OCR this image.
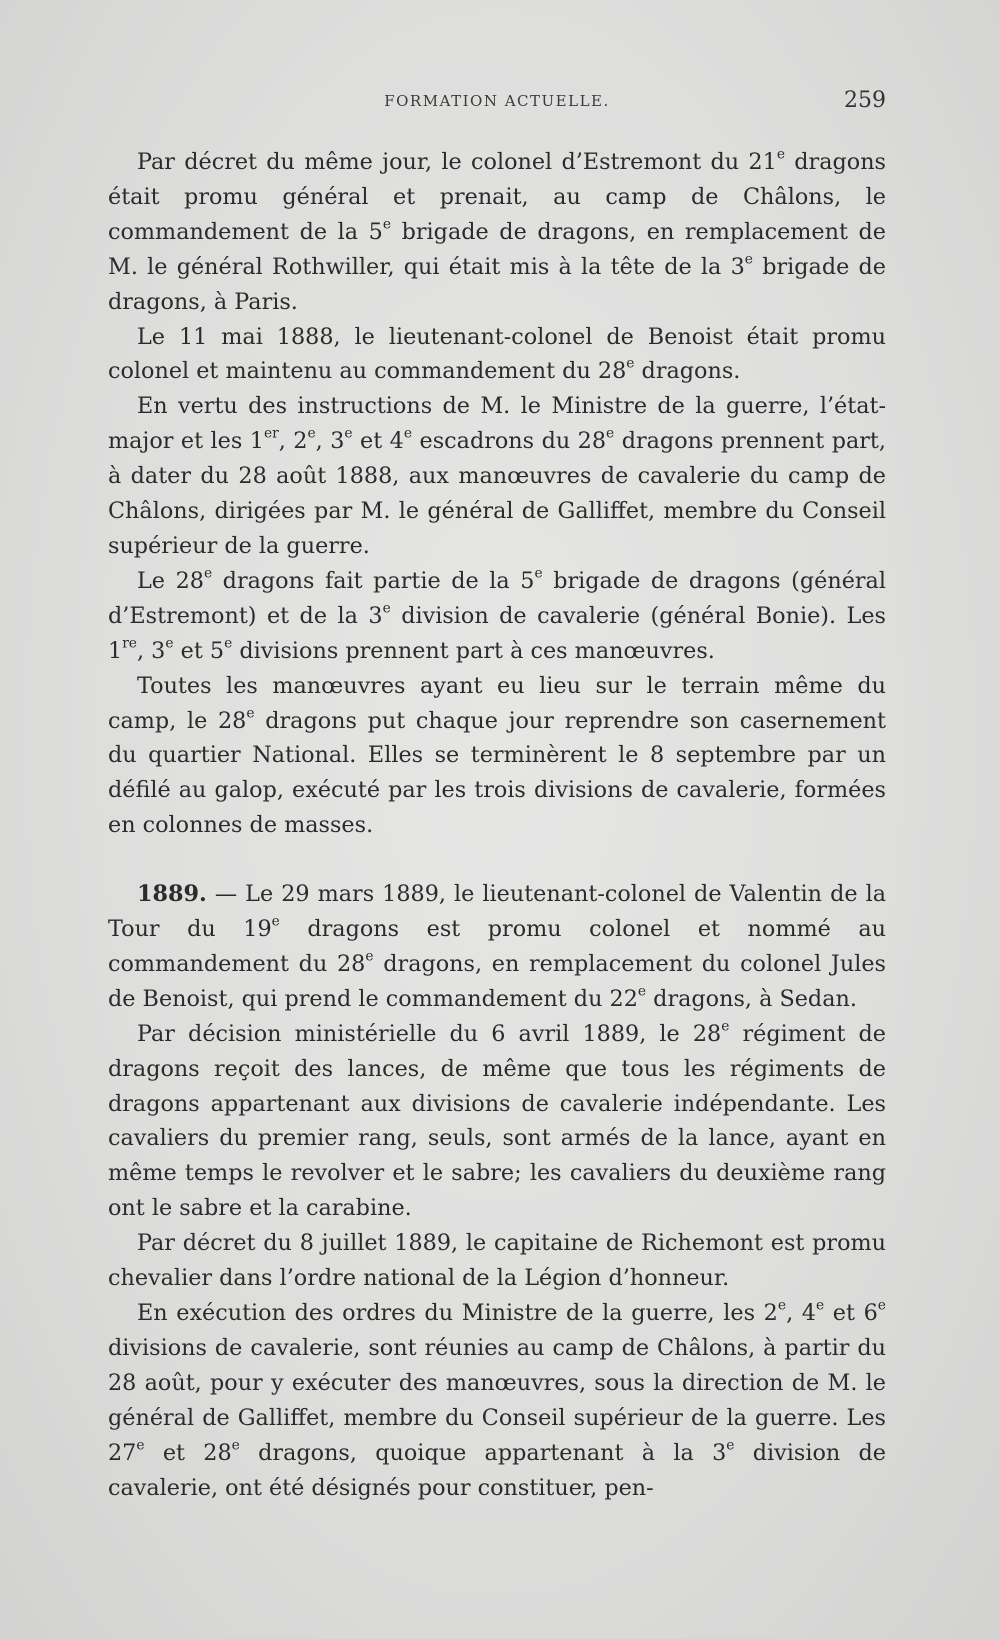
FORMATION ACTUELLE.	259

Par décret du même jour, le colonel d’Estremont du 21e dragons était promu général et prenait, au camp de Châlons, le commandement de la 5e brigade de dragons, en remplacement de M. le général Rothwiller, qui était mis à la tête de la 3e brigade de dragons, à Paris.

Le 11 mai 1888, le lieutenant-colonel de Benoist était promu colonel et maintenu au commandement du 28e dragons.

En vertu des instructions de M. le Ministre de la guerre, l’état-major et les 1er, 2e, 3e et 4e escadrons du 28e dragons prennent part, à dater du 28 août 1888, aux manœuvres de cavalerie du camp de Châlons, dirigées par M. le général de Galliffet, membre du Conseil supérieur de la guerre.

Le 28e dragons fait partie de la 5e brigade de dragons (général d’Estremont) et de la 3e division de cavalerie (général Bonie). Les 1re, 3e et 5e divisions prennent part à ces manœuvres.

Toutes les manœuvres ayant eu lieu sur le terrain même du camp, le 28e dragons put chaque jour reprendre son casernement du quartier National. Elles se terminèrent le 8 septembre par un défilé au galop, exécuté par les trois divisions de cavalerie, formées en colonnes de masses.

1889. — Le 29 mars 1889, le lieutenant-colonel de Valentin de la Tour du 19e dragons est promu colonel et nommé au commandement du 28e dragons, en remplacement du colonel Jules de Benoist, qui prend le commandement du 22e dragons, à Sedan.

Par décision ministérielle du 6 avril 1889, le 28e régiment de dragons reçoit des lances, de même que tous les régiments de dragons appartenant aux divisions de cavalerie indépendante. Les cavaliers du premier rang, seuls, sont armés de la lance, ayant en même temps le revolver et le sabre; les cavaliers du deuxième rang ont le sabre et la carabine.

Par décret du 8 juillet 1889, le capitaine de Richemont est promu chevalier dans l’ordre national de la Légion d’honneur.

En exécution des ordres du Ministre de la guerre, les 2e, 4e et 6e divisions de cavalerie, sont réunies au camp de Châlons, à partir du 28 août, pour y exécuter des manœuvres, sous la direction de M. le général de Galliffet, membre du Conseil supérieur de la guerre. Les 27e et 28e dragons, quoique appartenant à la 3e division de cavalerie, ont été désignés pour constituer, pen-
